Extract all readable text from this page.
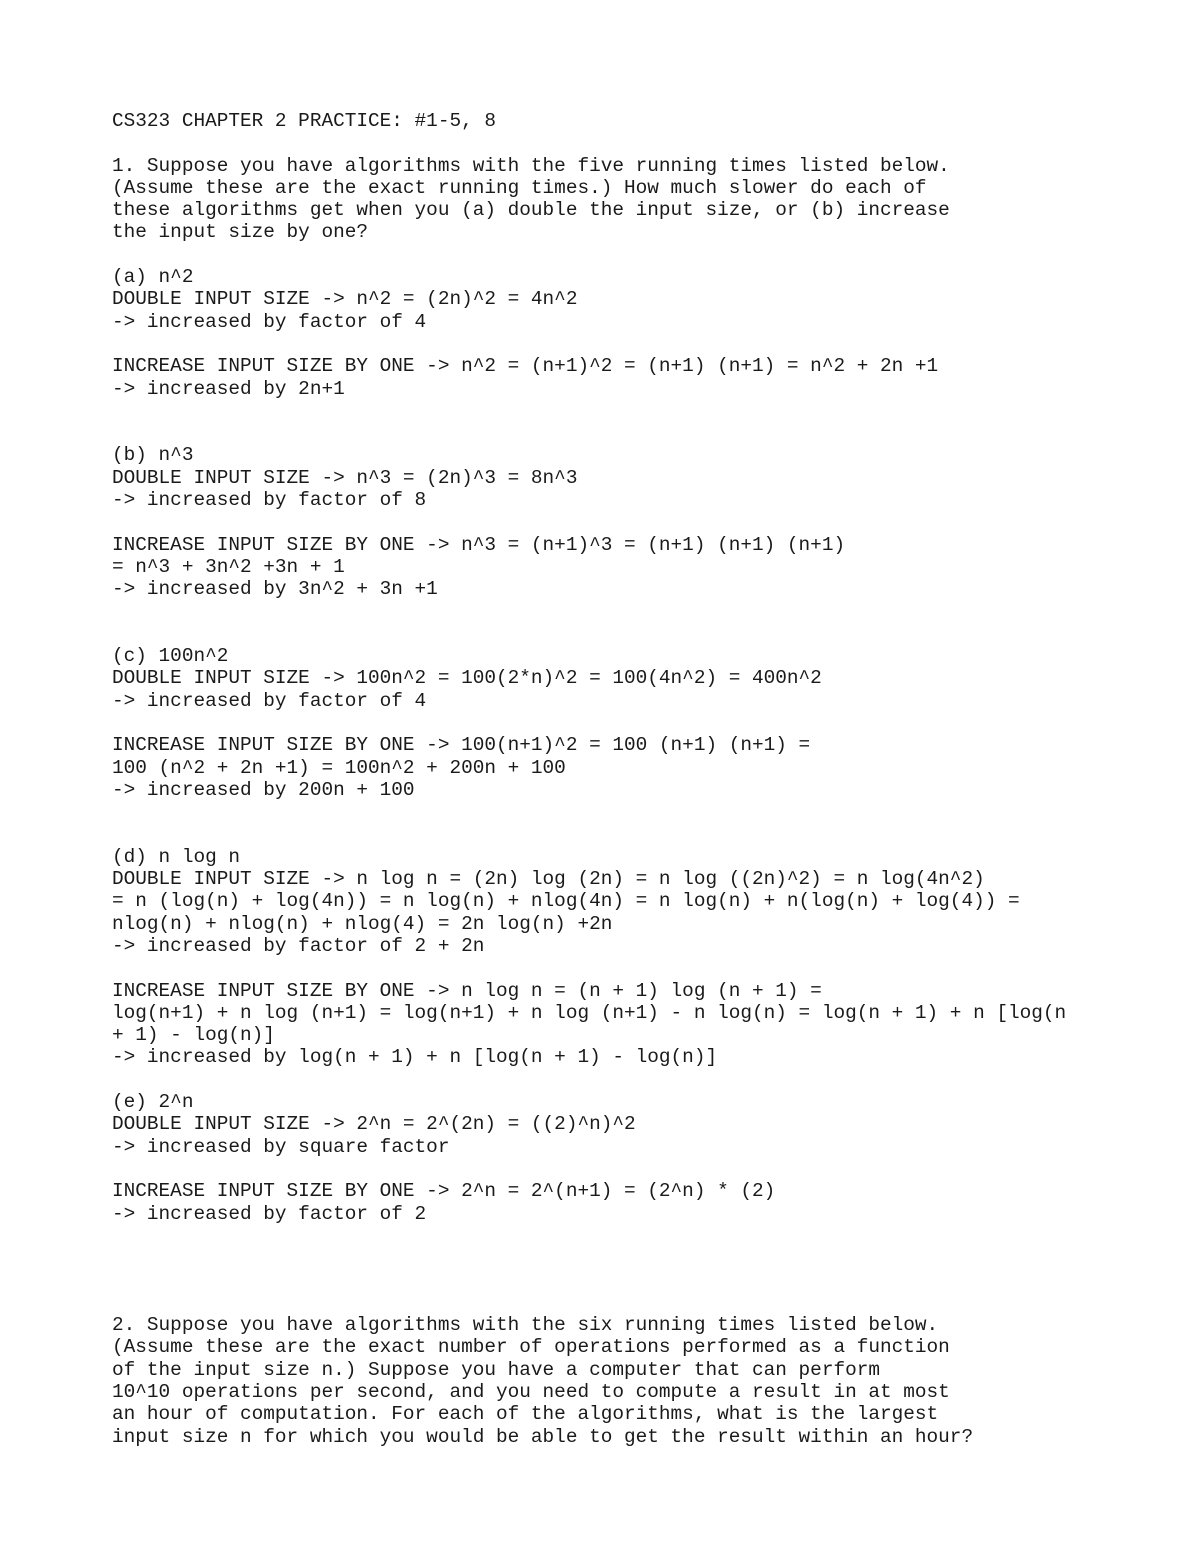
CS323 CHAPTER 2 PRACTICE: #1-5, 8
1. Suppose you have algorithms with the five running times listed below.
(Assume these are the exact running times.) How much slower do each of
these algorithms get when you (a) double the input size, or (b) increase
the input size by one?
(a) n^2
DOUBLE INPUT SIZE -> n^2 = (2n)^2 = 4n^2
-> increased by factor of 4
INCREASE INPUT SIZE BY ONE -> n^2 = (n+1)^2 = (n+1) (n+1) = n^2 + 2n +1
-> increased by 2n+1
(b) n^3
DOUBLE INPUT SIZE -> n^3 = (2n)^3 = 8n^3
-> increased by factor of 8
INCREASE INPUT SIZE BY ONE -> n^3 = (n+1)^3 = (n+1) (n+1) (n+1)
= n^3 + 3n^2 +3n + 1
-> increased by 3n^2 + 3n +1
(c) 100n^2
DOUBLE INPUT SIZE -> 100n^2 = 100(2*n)^2 = 100(4n^2) = 400n^2
-> increased by factor of 4
INCREASE INPUT SIZE BY ONE -> 100(n+1)^2 = 100 (n+1) (n+1) =
100 (n^2 + 2n +1) = 100n^2 + 200n + 100
-> increased by 200n + 100
(d) n log n
DOUBLE INPUT SIZE -> n log n = (2n) log (2n) = n log ((2n)^2) = n log(4n^2)
= n (log(n) + log(4n)) = n log(n) + nlog(4n) = n log(n) + n(log(n) + log(4)) =
nlog(n) + nlog(n) + nlog(4) = 2n log(n) +2n
-> increased by factor of 2 + 2n
INCREASE INPUT SIZE BY ONE -> n log n = (n + 1) log (n + 1) =
log(n+1) + n log (n+1) = log(n+1) + n log (n+1) - n log(n) = log(n + 1) + n [log(n
+ 1) - log(n)]
-> increased by log(n + 1) + n [log(n + 1) - log(n)]
(e) 2^n
DOUBLE INPUT SIZE -> 2^n = 2^(2n) = ((2)^n)^2
-> increased by square factor
INCREASE INPUT SIZE BY ONE -> 2^n = 2^(n+1) = (2^n) * (2)
-> increased by factor of 2
2. Suppose you have algorithms with the six running times listed below.
(Assume these are the exact number of operations performed as a function
of the input size n.) Suppose you have a computer that can perform
10^10 operations per second, and you need to compute a result in at most
an hour of computation. For each of the algorithms, what is the largest
input size n for which you would be able to get the result within an hour?
